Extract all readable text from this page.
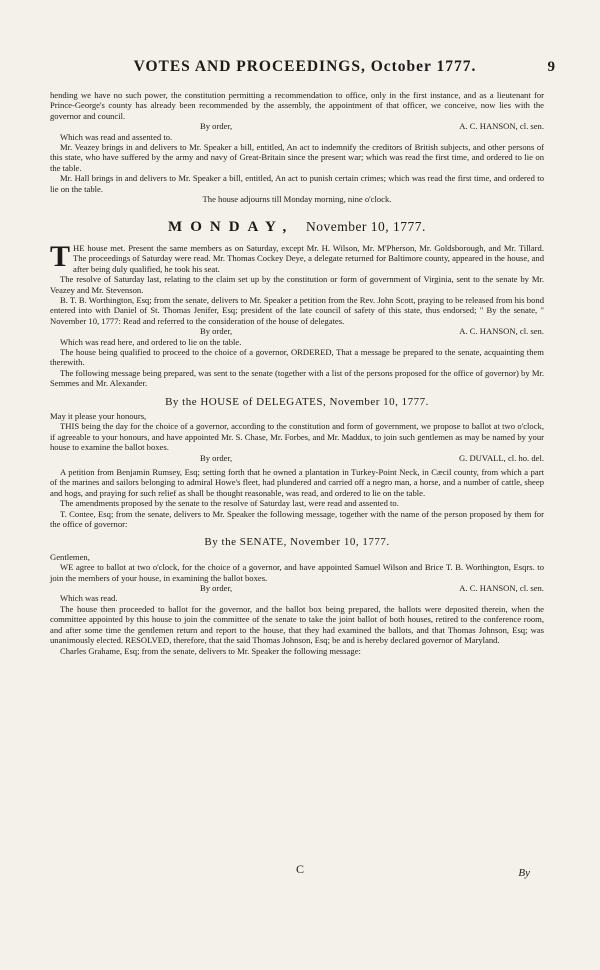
VOTES AND PROCEEDINGS, October 1777.	9

hending we have no such power, the constitution permitting a recommendation to office, only in the first instance, and as a lieutenant for Prince-George's county has already been recommended by the assembly, the appointment of that officer, we conceive, now lies with the governor and council.

By order,	A. C. HANSON, cl. sen.

Which was read and assented to.

Mr. Veazey brings in and delivers to Mr. Speaker a bill, entitled, An act to indemnify the creditors of British subjects, and other persons of this state, who have suffered by the army and navy of Great-Britain since the present war; which was read the first time, and ordered to lie on the table.

Mr. Hall brings in and delivers to Mr. Speaker a bill, entitled, An act to punish certain crimes; which was read the first time, and ordered to lie on the table.

The house adjourns till Monday morning, nine o'clock.

MONDAY, November 10, 1777.

THE house met. Present the same members as on Saturday, except Mr. H. Wilson, Mr. M'Pherson, Mr. Goldsborough, and Mr. Tillard. The proceedings of Saturday were read. Mr. Thomas Cockey Deye, a delegate returned for Baltimore county, appeared in the house, and after being duly qualified, he took his seat.

The resolve of Saturday last, relating to the claim set up by the constitution or form of government of Virginia, sent to the senate by Mr. Veazey and Mr. Stevenson.

B. T. B. Worthington, Esq; from the senate, delivers to Mr. Speaker a petition from the Rev. John Scott, praying to be released from his bond entered into with Daniel of St. Thomas Jenifer, Esq; president of the late council of safety of this state, thus endorsed; " By the senate, " November 10, 1777: Read and referred to the consideration of the house of delegates.

By order,	A. C. HANSON, cl. sen.

Which was read here, and ordered to lie on the table.

The house being qualified to proceed to the choice of a governor, ORDERED, That a message be prepared to the senate, acquainting them therewith.

The following message being prepared, was sent to the senate (together with a list of the persons proposed for the office of governor) by Mr. Semmes and Mr. Alexander.

By the HOUSE of DELEGATES, November 10, 1777.

May it please your honours,

THIS being the day for the choice of a governor, according to the constitution and form of government, we propose to ballot at two o'clock, if agreeable to your honours, and have appointed Mr. S. Chase, Mr. Forbes, and Mr. Maddux, to join such gentlemen as may be named by your house to examine the ballot boxes.

By order,	G. DUVALL, cl. ho. del.

A petition from Benjamin Rumsey, Esq; setting forth that he owned a plantation in Turkey-Point Neck, in Cæcil county, from which a part of the marines and sailors belonging to admiral Howe's fleet, had plundered and carried off a negro man, a horse, and a number of cattle, sheep and hogs, and praying for such relief as shall be thought reasonable, was read, and ordered to lie on the table.

The amendments proposed by the senate to the resolve of Saturday last, were read and assented to.

T. Contee, Esq; from the senate, delivers to Mr. Speaker the following message, together with the name of the person proposed by them for the office of governor:

By the SENATE, November 10, 1777.

Gentlemen,

WE agree to ballot at two o'clock, for the choice of a governor, and have appointed Samuel Wilson and Brice T. B. Worthington, Esqrs. to join the members of your house, in examining the ballot boxes.

By order,	A. C. HANSON, cl. sen.

Which was read.

The house then proceeded to ballot for the governor, and the ballot box being prepared, the ballots were deposited therein, when the committee appointed by this house to join the committee of the senate to take the joint ballot of both houses, retired to the conference room, and after some time the gentlemen return and report to the house, that they had examined the ballots, and that Thomas Johnson, Esq; was unanimously elected. RESOLVED, therefore, that the said Thomas Johnson, Esq; be and is hereby declared governor of Maryland.

Charles Grahame, Esq; from the senate, delivers to Mr. Speaker the following message:

C	By
